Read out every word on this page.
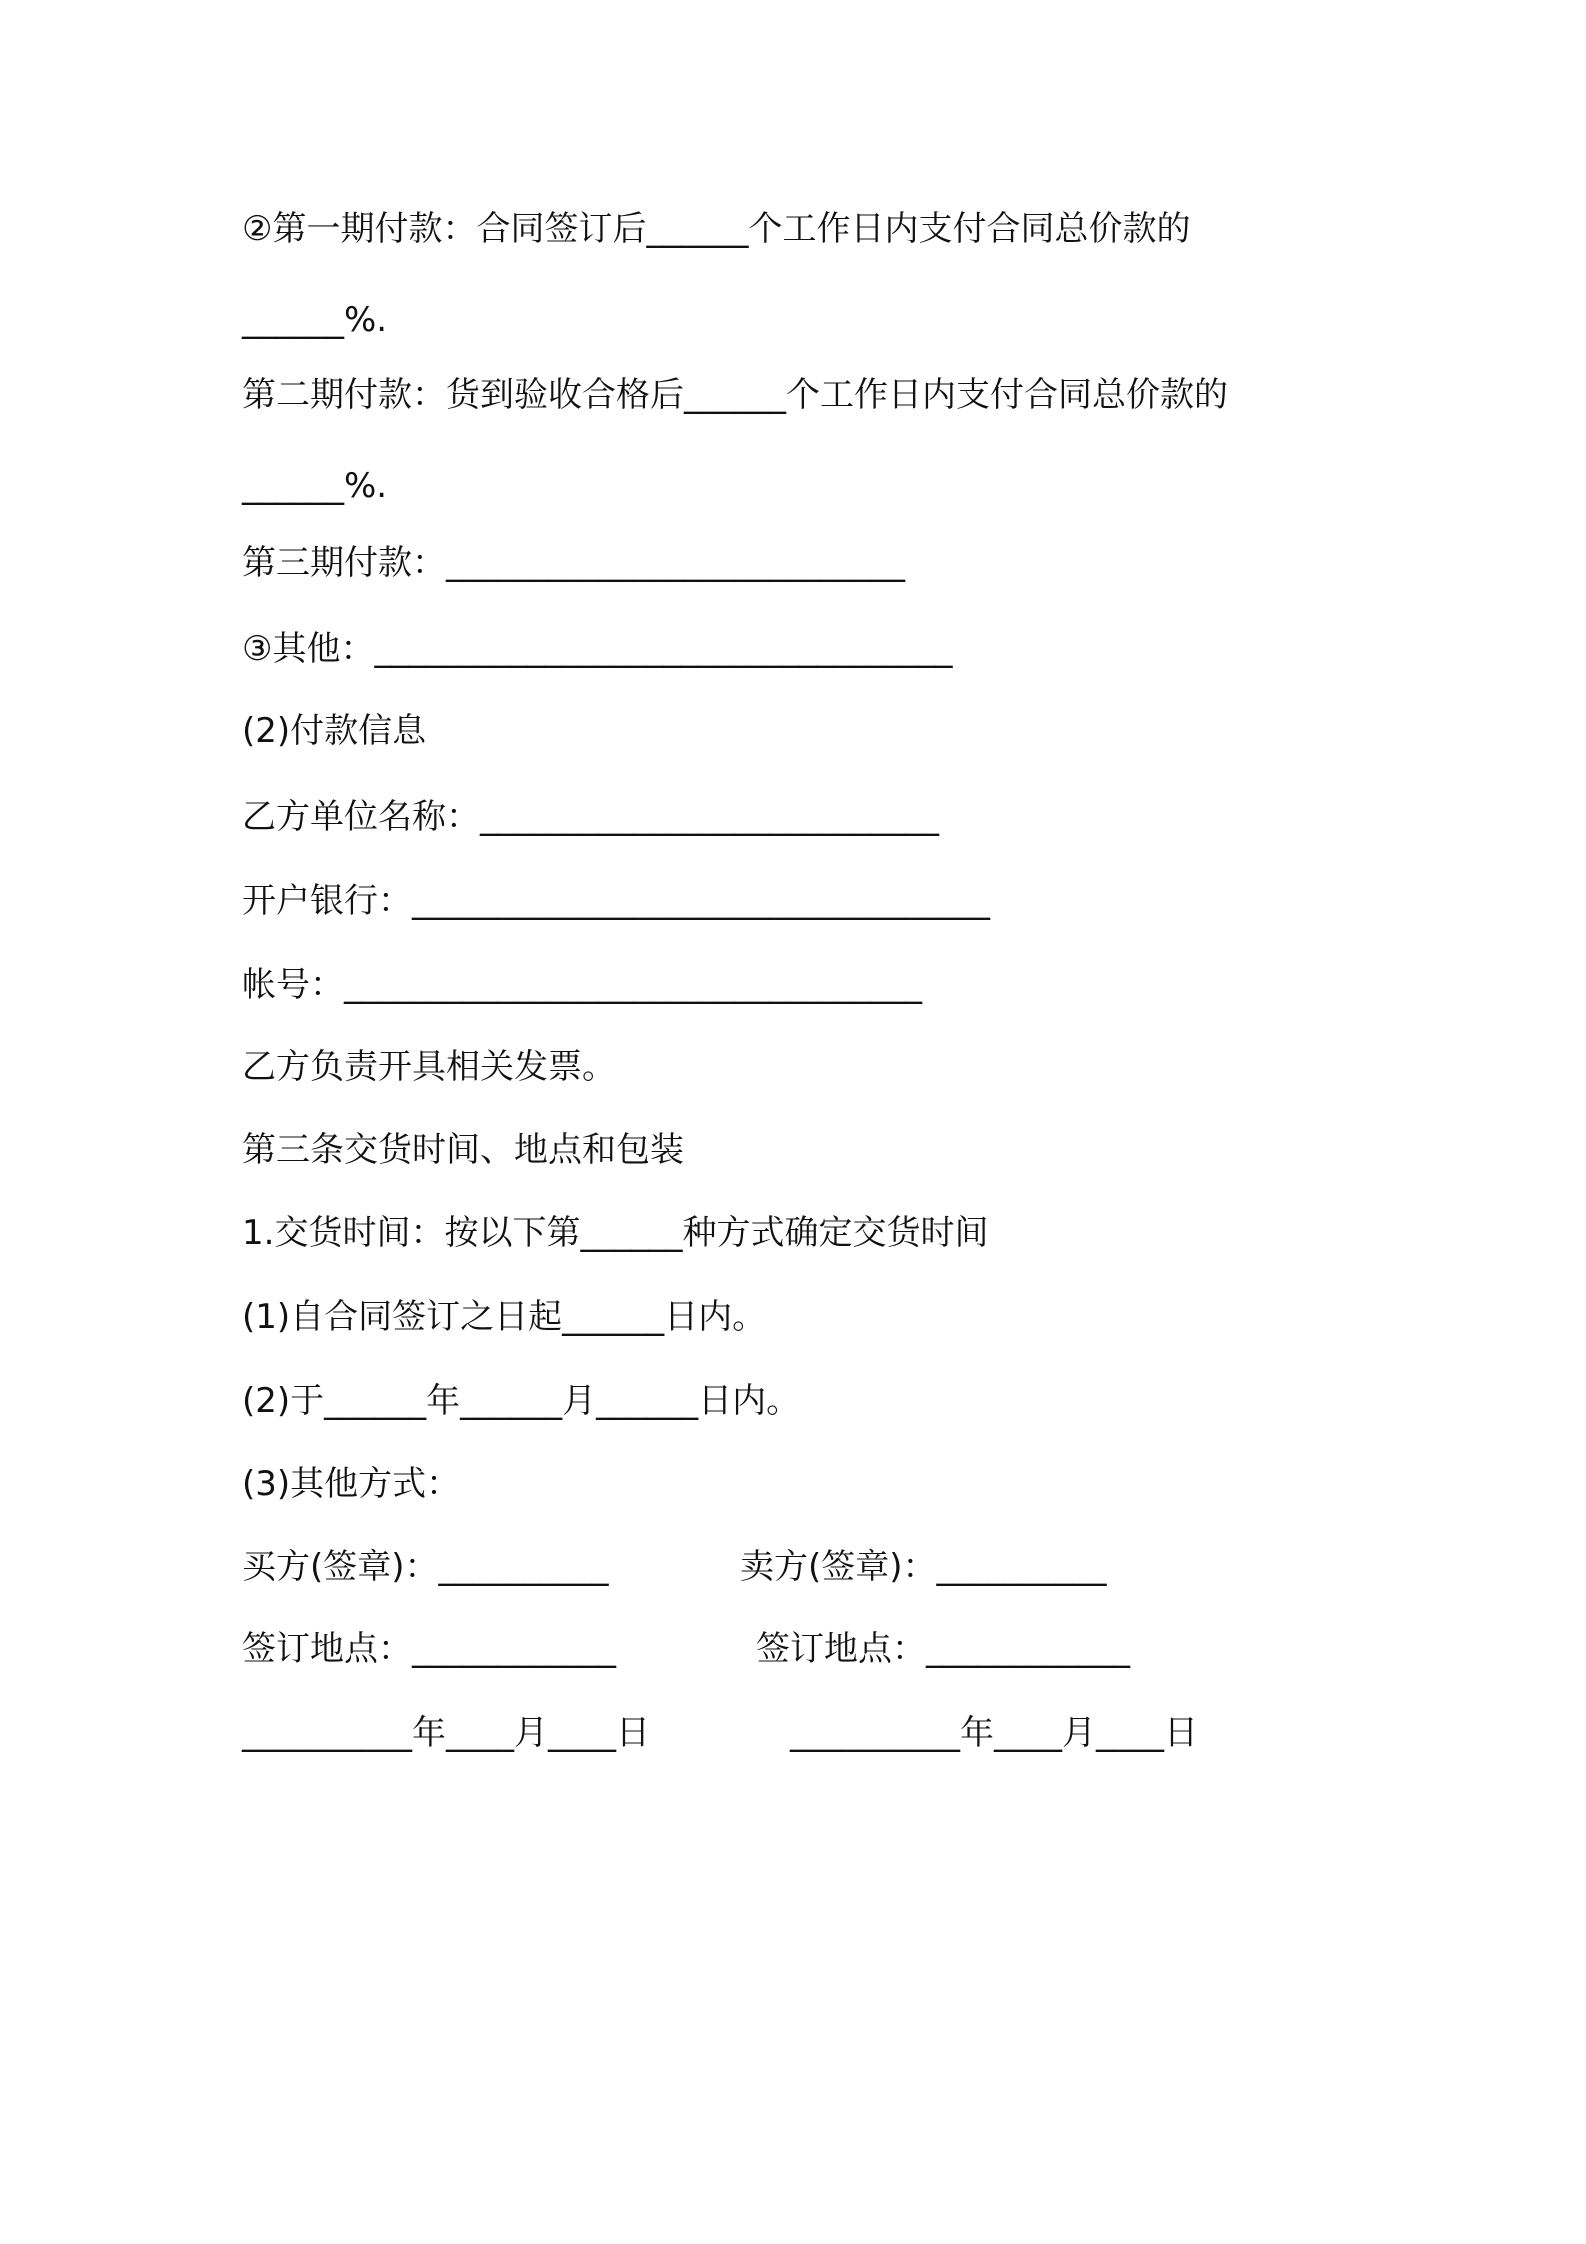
②第一期付款：合同签订后______个工作日内支付合同总价款的
______%.
第二期付款：货到验收合格后______个工作日内支付合同总价款的
______%.
第三期付款：___________________________
③其他：__________________________________
(2)付款信息
乙方单位名称：___________________________
开户银行：__________________________________
帐号：__________________________________
乙方负责开具相关发票。
第三条交货时间、地点和包装
1.交货时间：按以下第______种方式确定交货时间
(1)自合同签订之日起______日内。
(2)于______年______月______日内。
(3)其他方式：
买方(签章)：__________	卖方(签章)：__________
签订地点：____________	签订地点：____________
__________年____月____日	__________年____月____日
